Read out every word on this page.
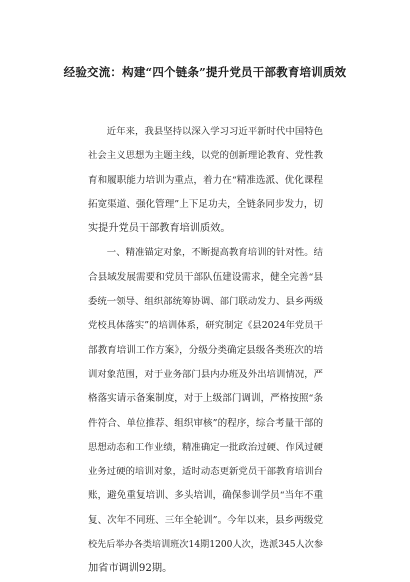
经验交流：构建“四个链条”提升党员干部教育培训质效
　　近年来，我县坚持以深入学习习近平新时代中国特色
社会主义思想为主题主线，以党的创新理论教育、党性教
育和履职能力培训为重点，着力在“精准选派、优化课程
拓宽渠道、强化管理”上下足功夫，全链条同步发力，切
实提升党员干部教育培训质效。
　　一、精准锚定对象，不断提高教育培训的针对性。结
合县域发展需要和党员干部队伍建设需求，健全完善“县
委统一领导、组织部统筹协调、部门联动发力、县乡两级
党校具体落实”的培训体系，研究制定《县2024年党员干
部教育培训工作方案》，分级分类确定县级各类班次的培
训对象范围，对于业务部门县内办班及外出培训情况，严
格落实请示备案制度，对于上级部门调训，严格按照“条
件符合、单位推荐、组织审核”的程序，综合考量干部的
思想动态和工作业绩，精准确定一批政治过硬、作风过硬
业务过硬的培训对象，适时动态更新党员干部教育培训台
账，避免重复培训、多头培训，确保参训学员“当年不重
复、次年不同班、三年全轮训”。今年以来，县乡两级党
校先后举办各类培训班次14期1200人次，选派345人次参
加省市调训92期。
